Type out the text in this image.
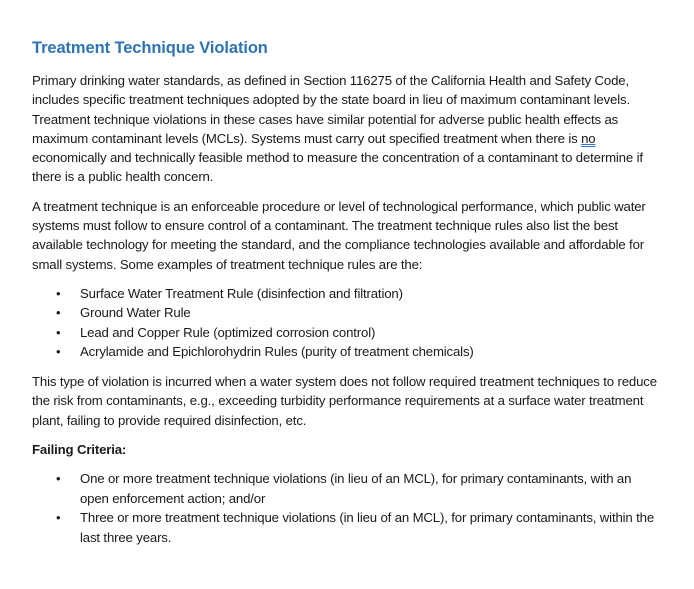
Treatment Technique Violation

Primary drinking water standards, as defined in Section 116275 of the California Health and Safety Code, includes specific treatment techniques adopted by the state board in lieu of maximum contaminant levels. Treatment technique violations in these cases have similar potential for adverse public health effects as maximum contaminant levels (MCLs). Systems must carry out specified treatment when there is no economically and technically feasible method to measure the concentration of a contaminant to determine if there is a public health concern.

A treatment technique is an enforceable procedure or level of technological performance, which public water systems must follow to ensure control of a contaminant. The treatment technique rules also list the best available technology for meeting the standard, and the compliance technologies available and affordable for small systems. Some examples of treatment technique rules are the:

• Surface Water Treatment Rule (disinfection and filtration)
• Ground Water Rule
• Lead and Copper Rule (optimized corrosion control)
• Acrylamide and Epichlorohydrin Rules (purity of treatment chemicals)

This type of violation is incurred when a water system does not follow required treatment techniques to reduce the risk from contaminants, e.g., exceeding turbidity performance requirements at a surface water treatment plant, failing to provide required disinfection, etc.

Failing Criteria:

• One or more treatment technique violations (in lieu of an MCL), for primary contaminants, with an open enforcement action; and/or
• Three or more treatment technique violations (in lieu of an MCL), for primary contaminants, within the last three years.
